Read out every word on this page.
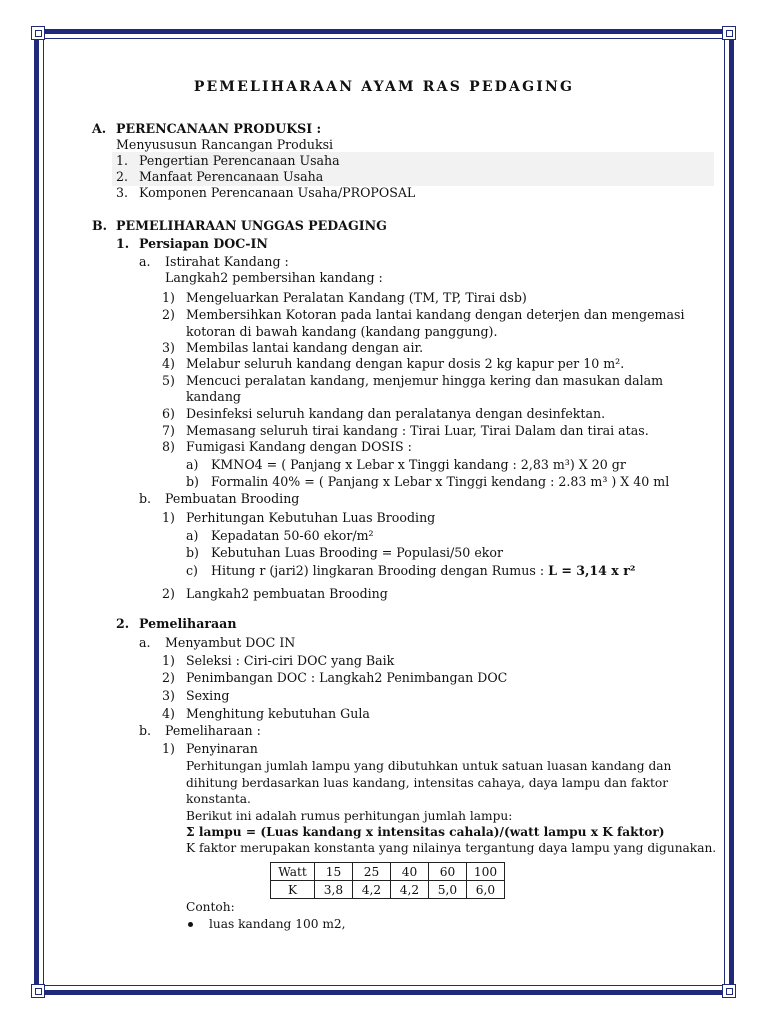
PEMELIHARAAN AYAM RAS PEDAGING
A. PERENCANAAN PRODUKSI :
Menyususun Rancangan Produksi
1. Pengertian Perencanaan Usaha
2. Manfaat Perencanaan Usaha
3. Komponen Perencanaan Usaha/PROPOSAL
B. PEMELIHARAAN UNGGAS PEDAGING
1. Persiapan DOC-IN
a. Istirahat Kandang :
Langkah2 pembersihan kandang :
1) Mengeluarkan Peralatan Kandang (TM, TP, Tirai dsb)
2) Membersihkan Kotoran pada lantai kandang dengan deterjen dan mengemasi
kotoran di bawah kandang (kandang panggung).
3) Membilas lantai kandang dengan air.
4) Melabur seluruh kandang dengan kapur dosis 2 kg kapur per 10 m².
5) Mencuci peralatan kandang, menjemur hingga kering dan masukan dalam
kandang
6) Desinfeksi seluruh kandang dan peralatanya dengan desinfektan.
7) Memasang seluruh tirai kandang : Tirai Luar, Tirai Dalam dan tirai atas.
8) Fumigasi Kandang dengan DOSIS :
a) KMNO4 = ( Panjang x Lebar x Tinggi kandang : 2,83 m³) X 20 gr
b) Formalin 40% = ( Panjang x Lebar x Tinggi kendang : 2.83 m³ ) X 40 ml
b. Pembuatan Brooding
1) Perhitungan Kebutuhan Luas Brooding
a) Kepadatan 50-60 ekor/m²
b) Kebutuhan Luas Brooding = Populasi/50 ekor
c) Hitung r (jari2) lingkaran Brooding dengan Rumus : L = 3,14 x r²
2) Langkah2 pembuatan Brooding
2. Pemeliharaan
a. Menyambut DOC IN
1) Seleksi : Ciri-ciri DOC yang Baik
2) Penimbangan DOC : Langkah2 Penimbangan DOC
3) Sexing
4) Menghitung kebutuhan Gula
b. Pemeliharaan :
1) Penyinaran
Perhitungan jumlah lampu yang dibutuhkan untuk satuan luasan kandang dan
dihitung berdasarkan luas kandang, intensitas cahaya, daya lampu dan faktor
konstanta.
Berikut ini adalah rumus perhitungan jumlah lampu:
Σ lampu = (Luas kandang x intensitas cahala)/(watt lampu x K faktor)
K faktor merupakan konstanta yang nilainya tergantung daya lampu yang digunakan.
Watt	15	25	40	60	100
K	3,8	4,2	4,2	5,0	6,0
Contoh:
luas kandang 100 m2,
